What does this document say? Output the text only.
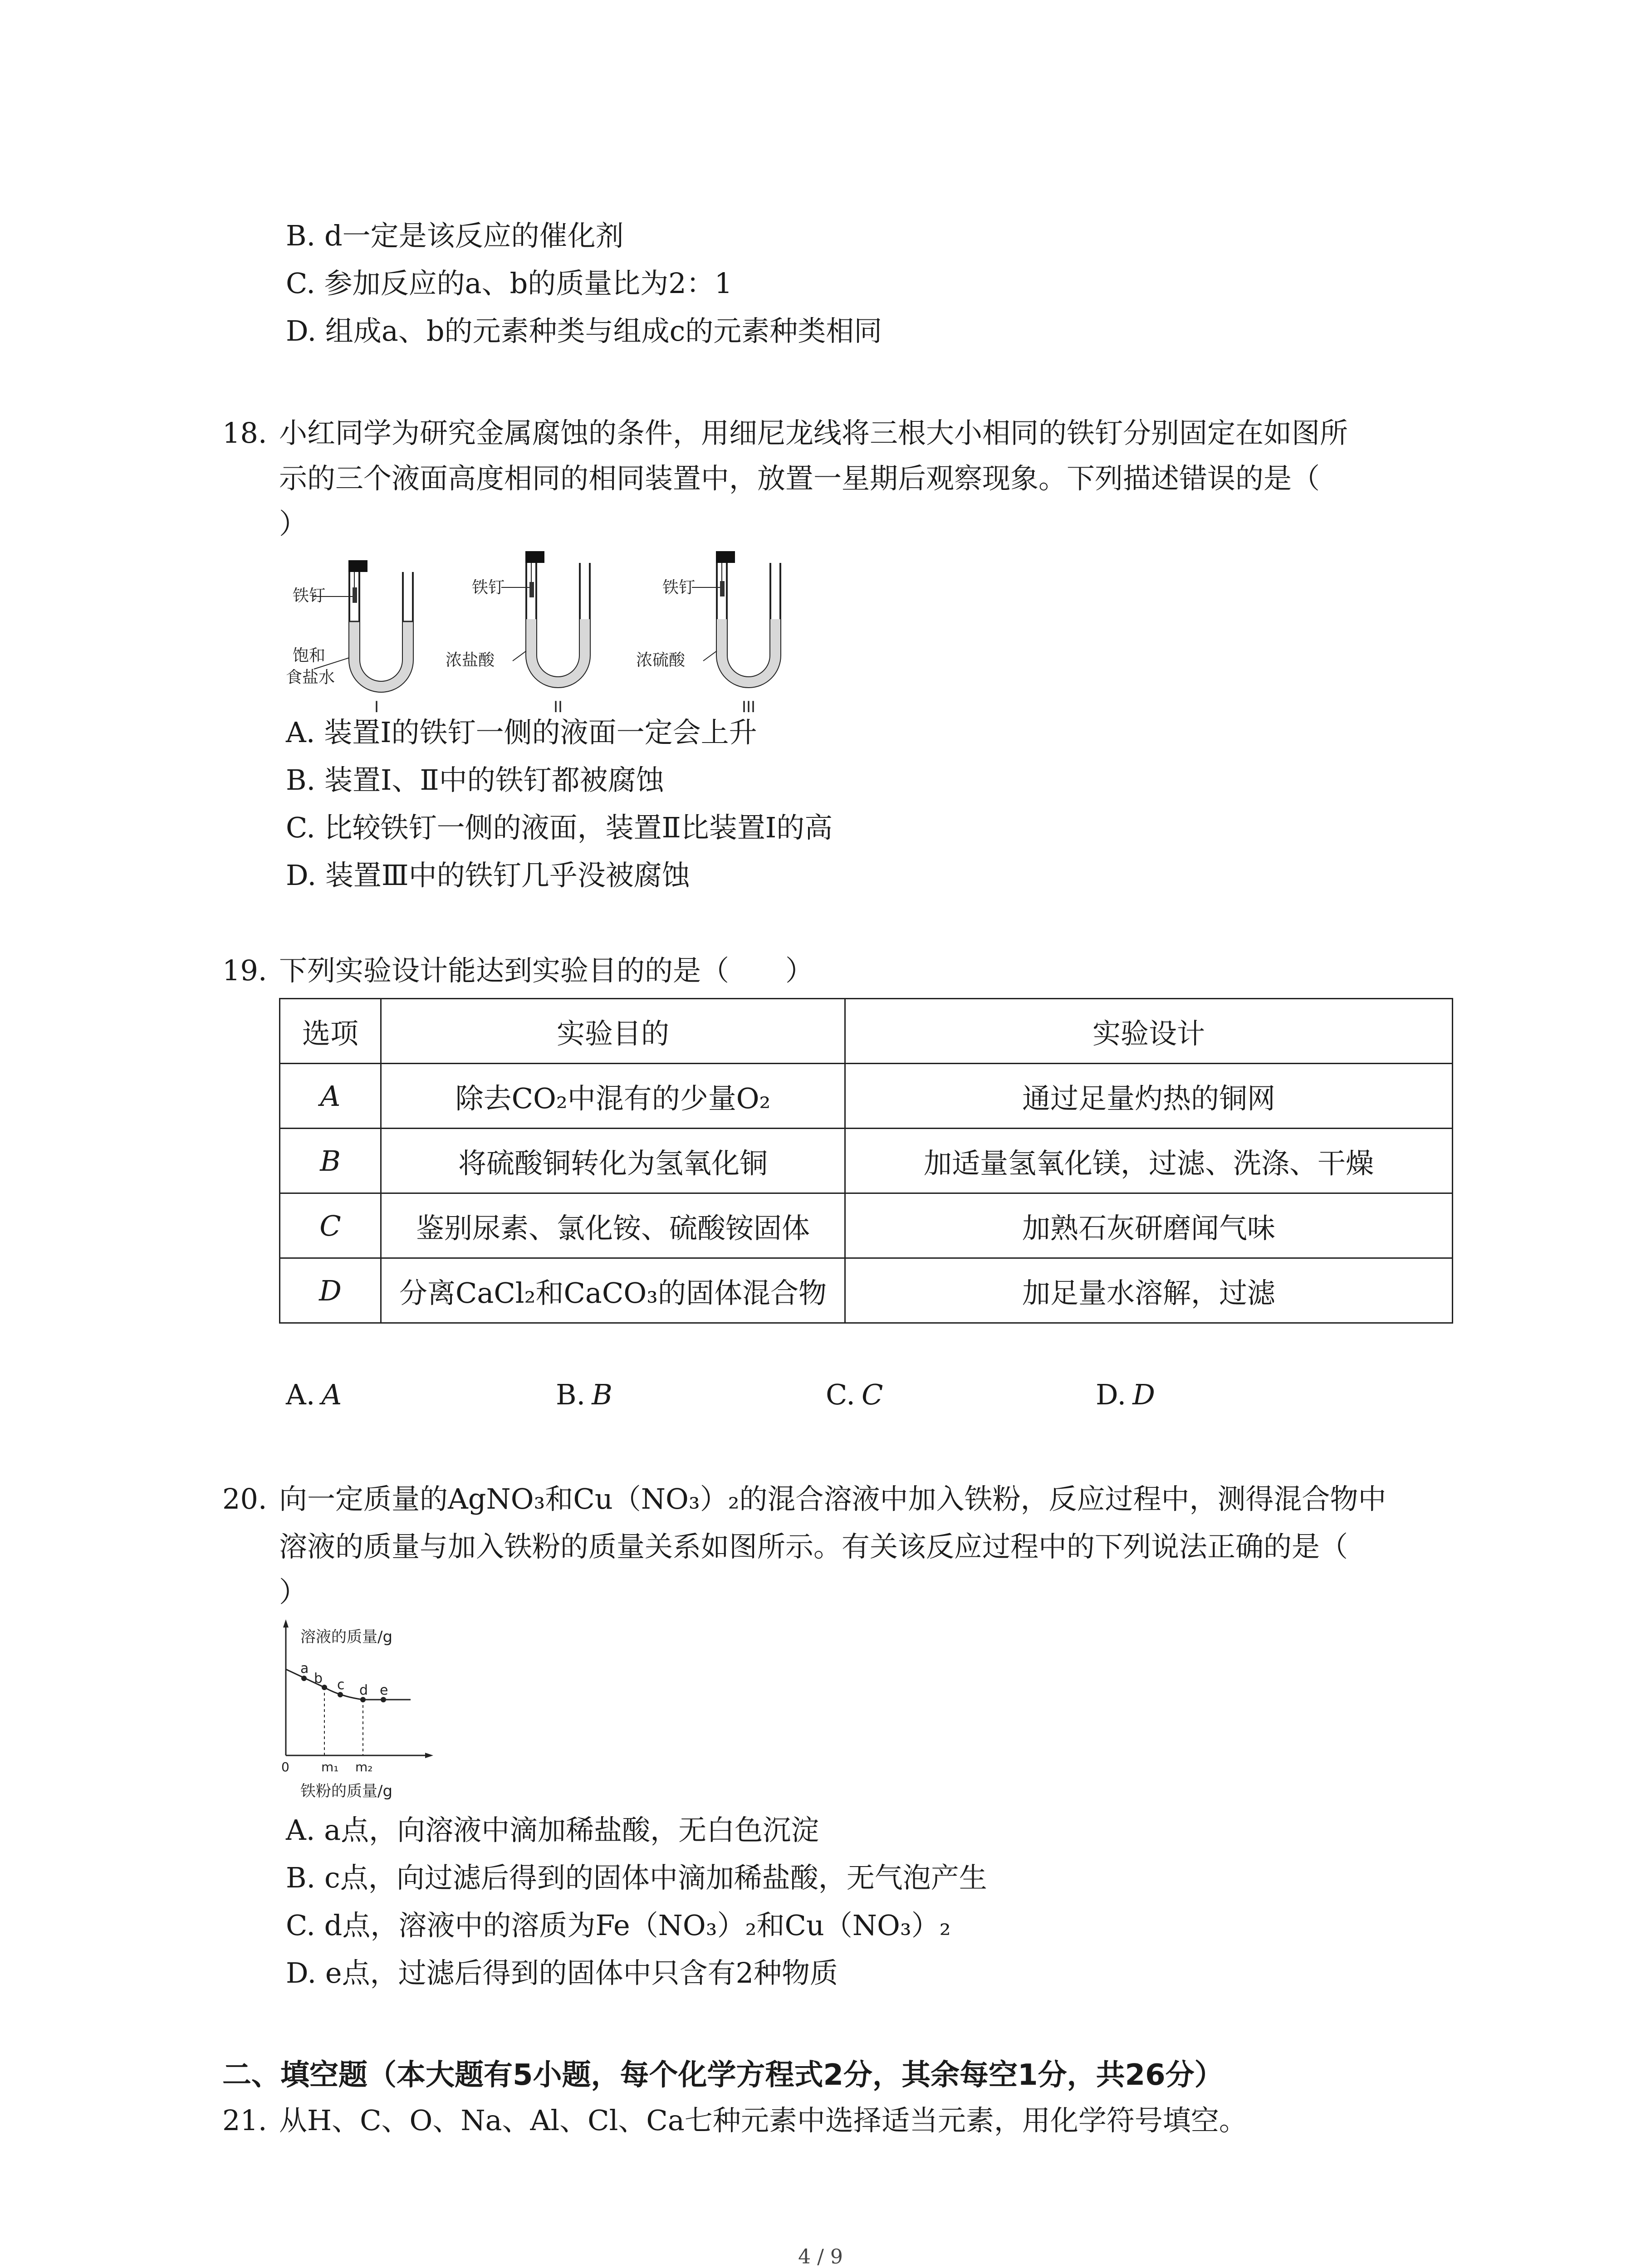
B. d一定是该反应的催化剂
C. 参加反应的a、b的质量比为2：1
D. 组成a、b的元素种类与组成c的元素种类相同
18. 小红同学为研究金属腐蚀的条件，用细尼龙线将三根大小相同的铁钉分别固定在如图所
示的三个液面高度相同的相同装置中，放置一星期后观察现象。下列描述错误的是（
）
铁钉
饱和
食盐水
I
铁钉
浓盐酸
II
铁钉
浓硫酸
III
A. 装置Ⅰ的铁钉一侧的液面一定会上升
B. 装置Ⅰ、Ⅱ中的铁钉都被腐蚀
C. 比较铁钉一侧的液面，装置Ⅱ比装置I的高
D. 装置Ⅲ中的铁钉几乎没被腐蚀
19. 下列实验设计能达到实验目的的是（　　）
选项	实验目的	实验设计
A	除去CO₂中混有的少量O₂	通过足量灼热的铜网
B	将硫酸铜转化为氢氧化铜	加适量氢氧化镁，过滤、洗涤、干燥
C	鉴别尿素、氯化铵、硫酸铵固体	加熟石灰研磨闻气味
D	分离CaCl₂和CaCO₃的固体混合物	加足量水溶解，过滤
A. A	B. B	C. C	D. D
20. 向一定质量的AgNO₃和Cu（NO₃）₂的混合溶液中加入铁粉，反应过程中，测得混合物中
溶液的质量与加入铁粉的质量关系如图所示。有关该反应过程中的下列说法正确的是（
）
溶液的质量/g
0	m₁ m₂
铁粉的质量/g
a
b c d e
A. a点，向溶液中滴加稀盐酸，无白色沉淀
B. c点，向过滤后得到的固体中滴加稀盐酸，无气泡产生
C. d点，溶液中的溶质为Fe（NO₃）₂和Cu（NO₃）₂
D. e点，过滤后得到的固体中只含有2种物质
二、填空题（本大题有5小题，每个化学方程式2分，其余每空1分，共26分）
21. 从H、C、O、Na、Al、Cl、Ca七种元素中选择适当元素，用化学符号填空。
4 / 9
